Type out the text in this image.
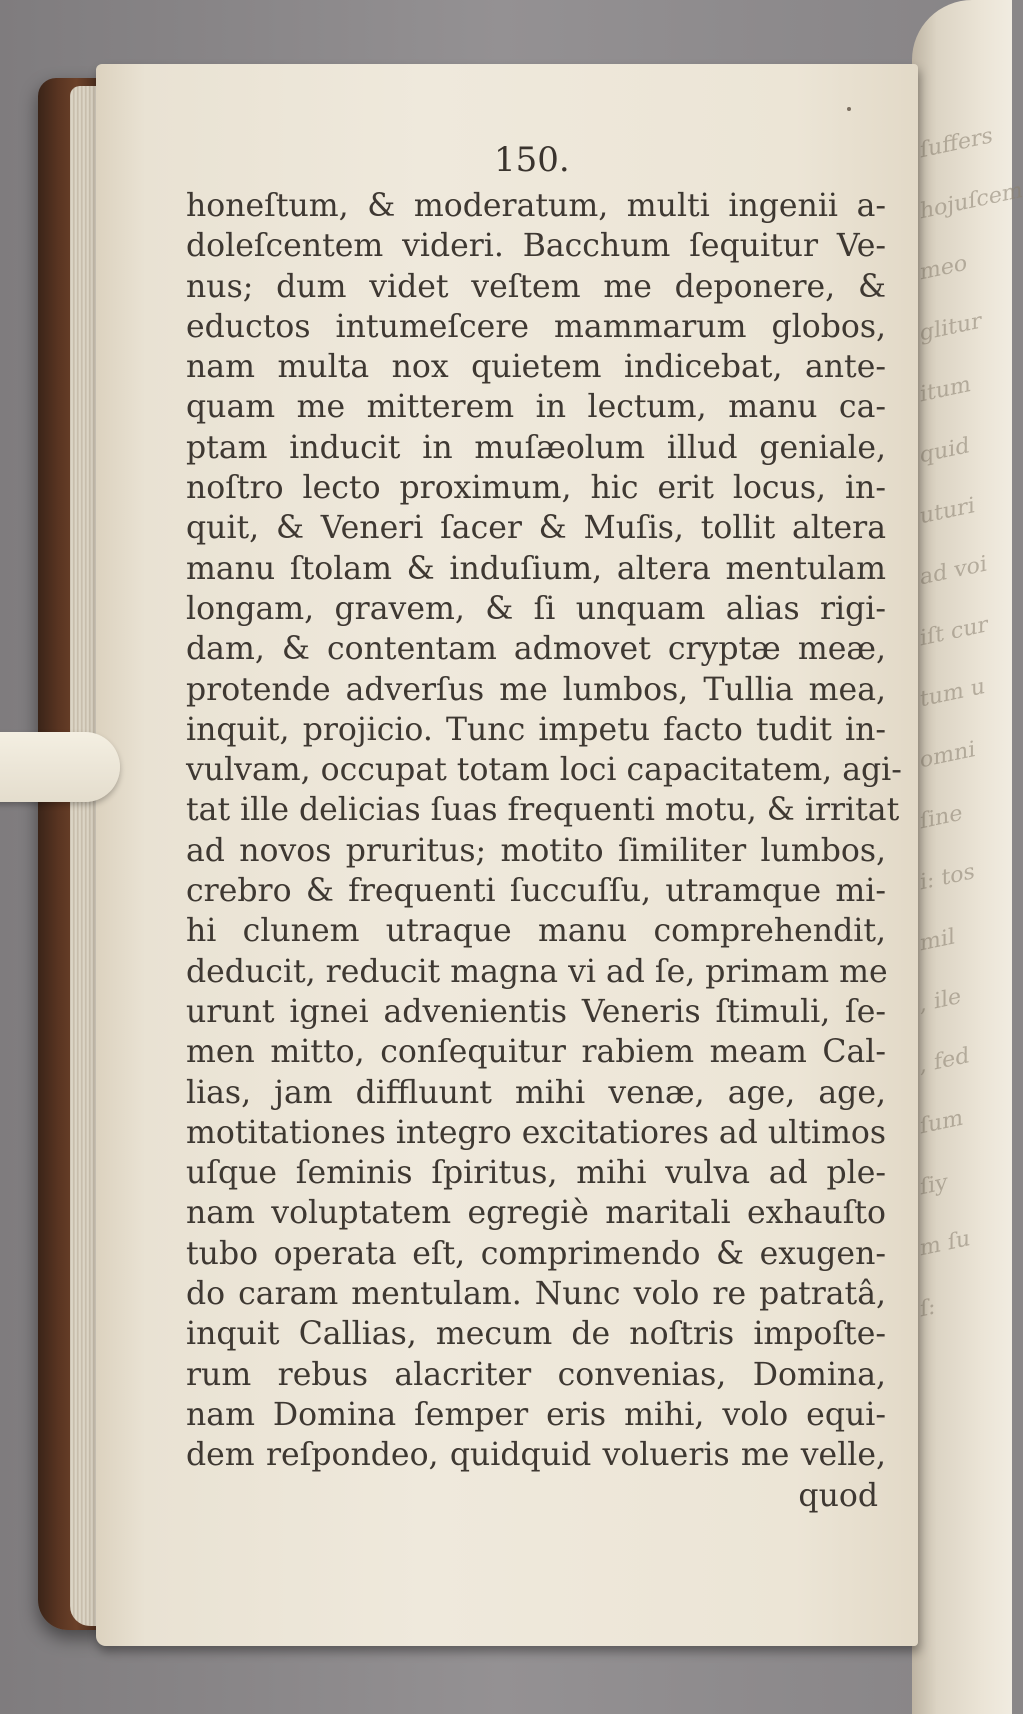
ſuffers
hojuſcem
meo
glitur
itum
quid
uturi
ad voi
iſt cur
tum u
omni
ſine
i: tos
mil
, ile
, fed
ſum
ſiy
m ſu
ſ:
150.
honeſtum, & moderatum, multi ingenii a-
doleſcentem videri. Bacchum ſequitur Ve-
nus; dum videt veſtem me deponere, &
eductos intumeſcere mammarum globos,
nam multa nox quietem indicebat, ante-
quam me mitterem in lectum, manu ca-
ptam inducit in muſæolum illud geniale,
noſtro lecto proximum, hic erit locus, in-
quit, & Veneri ſacer & Muſis, tollit altera
manu ſtolam & induſium, altera mentulam
longam, gravem, & ſi unquam alias rigi-
dam, & contentam admovet cryptæ meæ,
protende adverſus me lumbos, Tullia mea,
inquit, projicio. Tunc impetu facto tudit in-
vulvam, occupat totam loci capacitatem, agi-
tat ille delicias ſuas frequenti motu, & irritat
ad novos pruritus; motito ſimiliter lumbos,
crebro & frequenti ſuccuſſu, utramque mi-
hi clunem utraque manu comprehendit,
deducit, reducit magna vi ad ſe, primam me
urunt ignei advenientis Veneris ſtimuli, ſe-
men mitto, conſequitur rabiem meam Cal-
lias, jam diffluunt mihi venæ, age, age,
motitationes integro excitatiores ad ultimos
uſque ſeminis ſpiritus, mihi vulva ad ple-
nam voluptatem egregiè maritali exhauſto
tubo operata eſt, comprimendo & exugen-
do caram mentulam. Nunc volo re patratâ,
inquit Callias, mecum de noſtris impoſte-
rum rebus alacriter convenias, Domina,
nam Domina ſemper eris mihi, volo equi-
dem reſpondeo, quidquid volueris me velle,
quod
